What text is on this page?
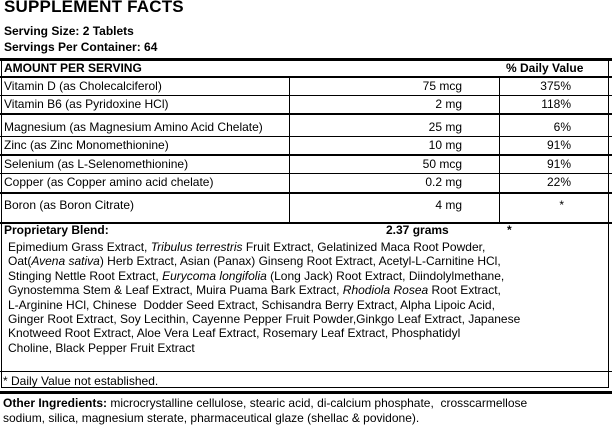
SUPPLEMENT FACTS
Serving Size: 2 Tablets
Servings Per Container: 64
AMOUNT PER SERVING	% Daily Value
Vitamin D (as Cholecalciferol)	75 mcg	375%
Vitamin B6 (as Pyridoxine HCl)	2 mg	118%
Magnesium (as Magnesium Amino Acid Chelate)	25 mg	6%
Zinc (as Zinc Monomethionine)	10 mg	91%
Selenium (as L-Selenomethionine)	50 mcg	91%
Copper (as Copper amino acid chelate)	0.2 mg	22%
Boron (as Boron Citrate)	4 mg	*
Proprietary Blend:	2.37 grams	*

Epimedium Grass Extract, Tribulus terrestris Fruit Extract, Gelatinized Maca Root Powder,

Oat(Avena sativa) Herb Extract, Asian (Panax) Ginseng Root Extract, Acetyl-L-Carnitine HCl,

Stinging Nettle Root Extract, Eurycoma longifolia (Long Jack) Root Extract, Diindolylmethane,

Gynostemma Stem & Leaf Extract, Muira Puama Bark Extract, Rhodiola Rosea Root Extract,

L-Arginine HCl, Chinese  Dodder Seed Extract, Schisandra Berry Extract, Alpha Lipoic Acid,

Ginger Root Extract, Soy Lecithin, Cayenne Pepper Fruit Powder,Ginkgo Leaf Extract, Japanese

Knotweed Root Extract, Aloe Vera Leaf Extract, Rosemary Leaf Extract, Phosphatidyl

Choline, Black Pepper Fruit Extract

* Daily Value not established.
Other Ingredients: microcrystalline cellulose, stearic acid, di-calcium phosphate,  crosscarmellose
sodium, silica, magnesium sterate, pharmaceutical glaze (shellac & povidone).
